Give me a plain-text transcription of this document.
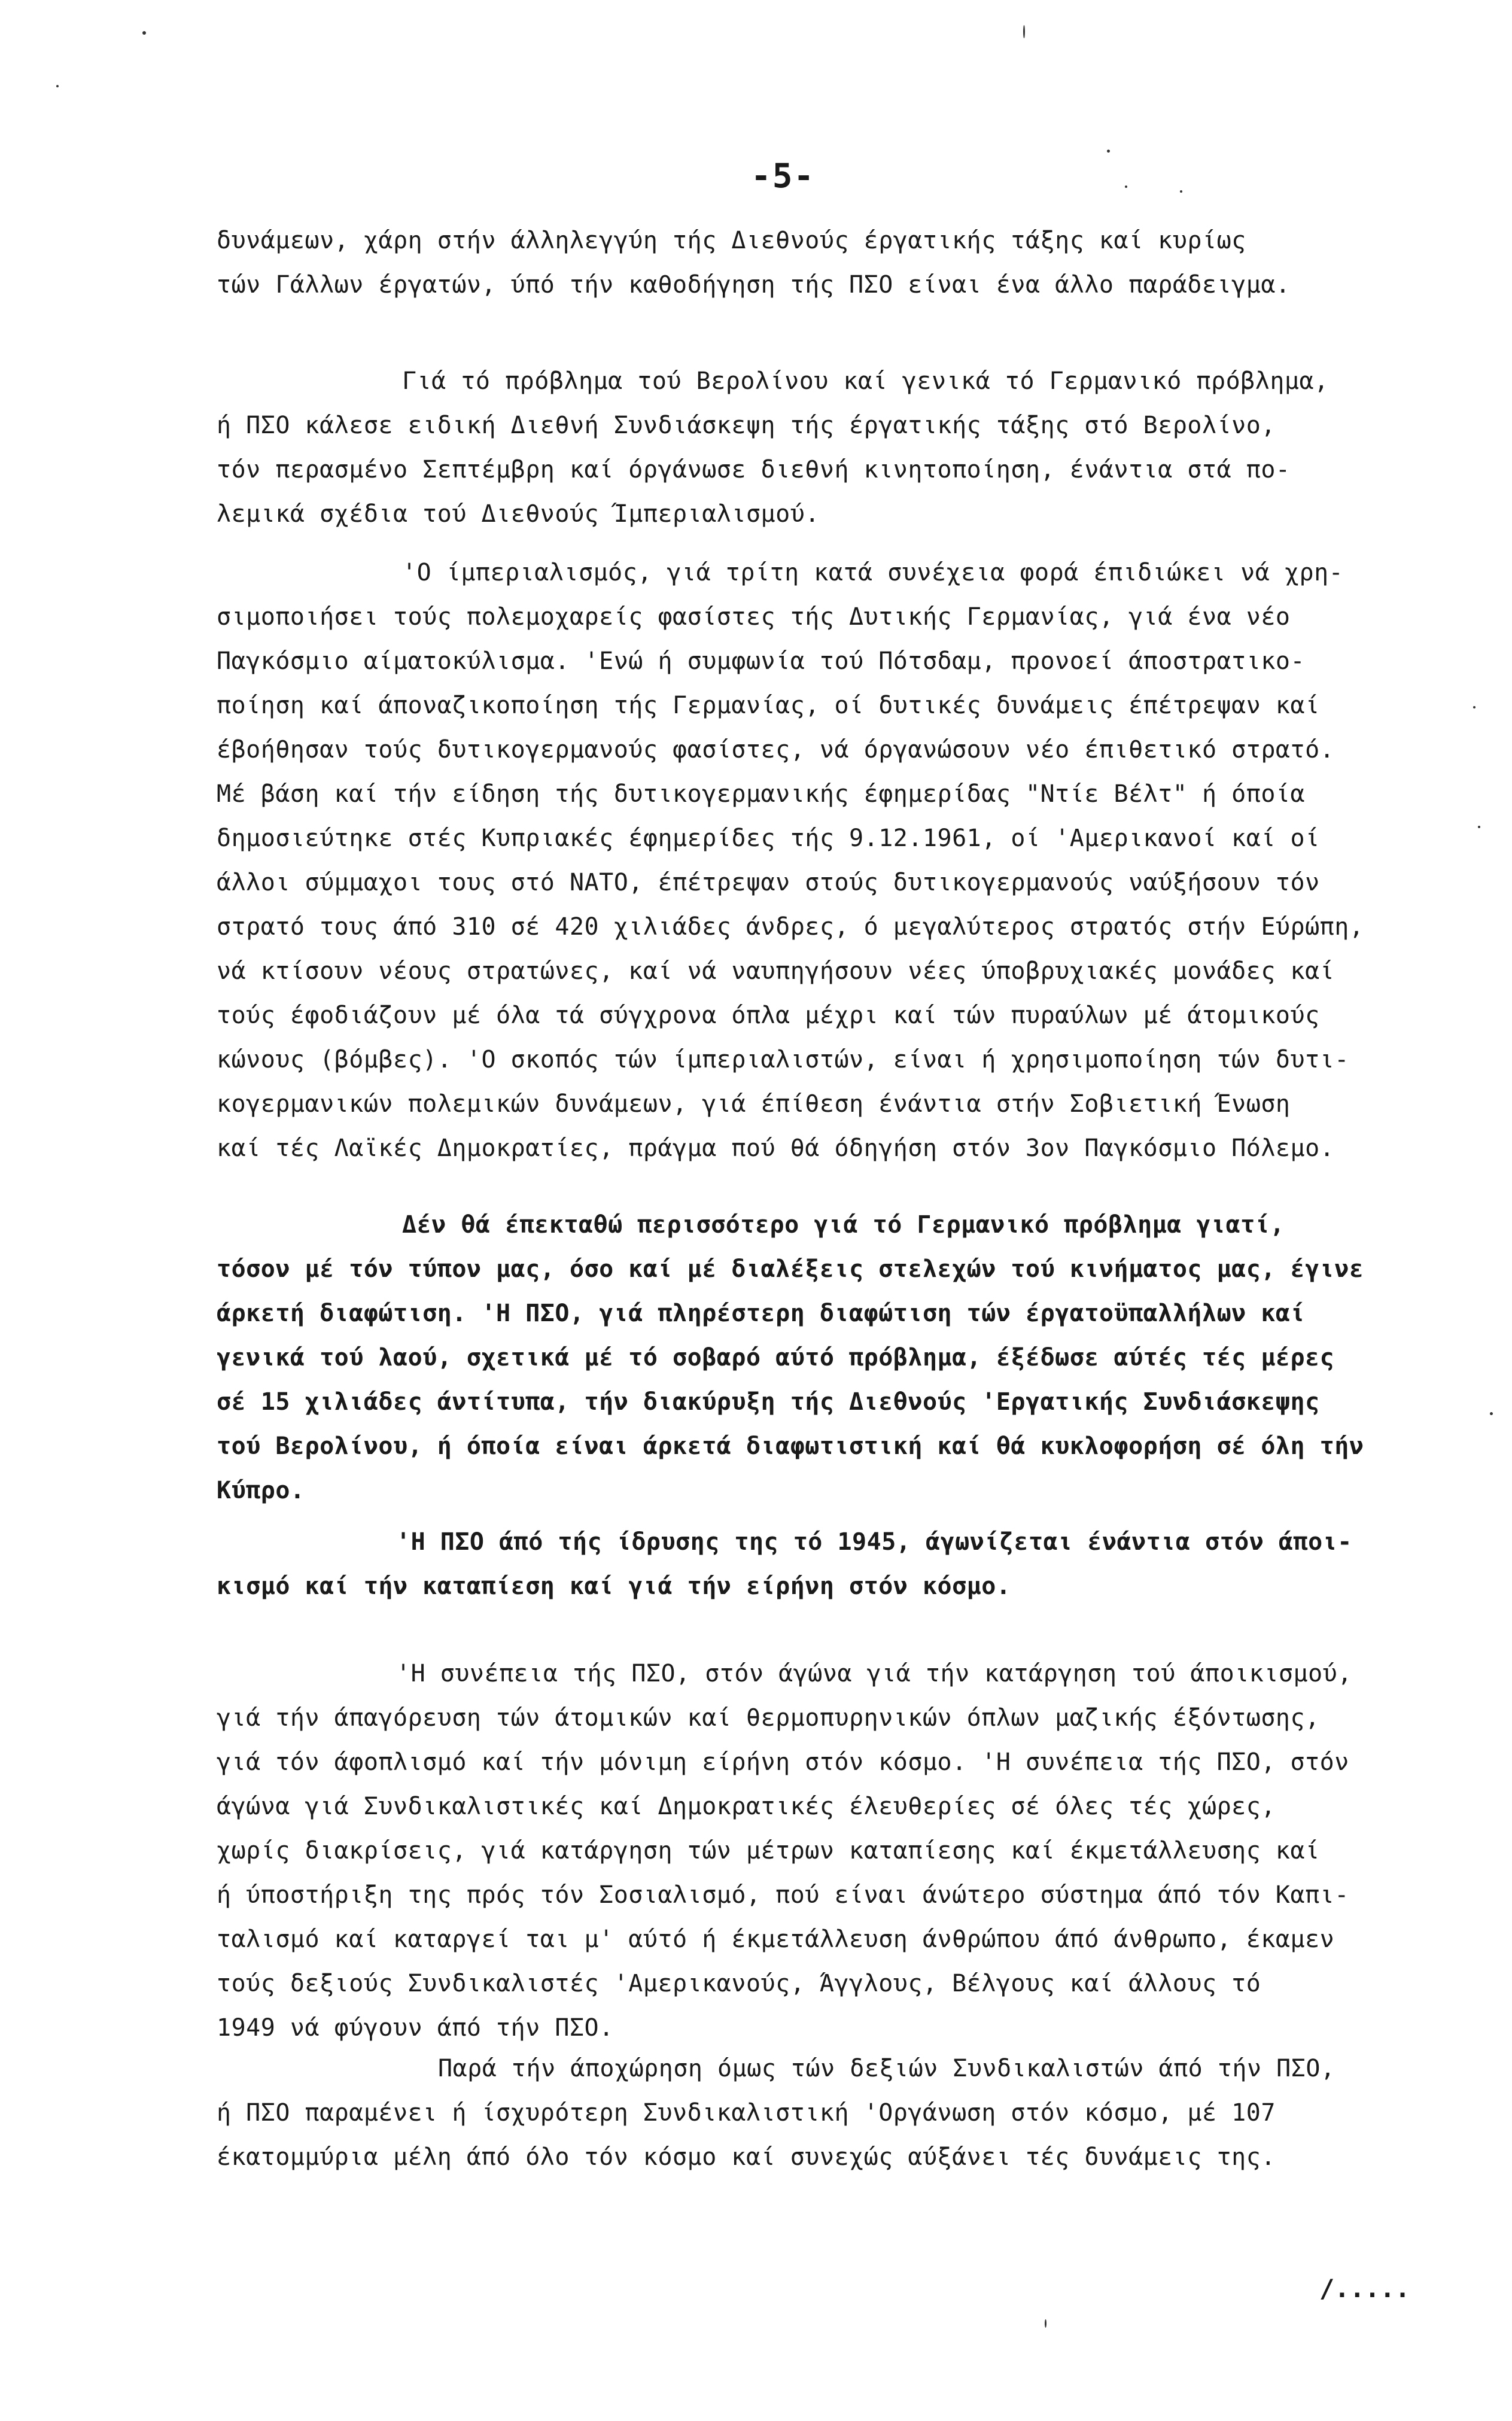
-5-
δυνάμεων, χάρη στήν άλληλεγγύη τής Διεθνούς έργατικής τάξης καί κυρίως
τών Γάλλων έργατών, ύπό τήν καθοδήγηση τής ΠΣΟ είναι ένα άλλο παράδειγμα.
Γιά τό πρόβλημα τού Βερολίνου καί γενικά τό Γερμανικό πρόβλημα,
ή ΠΣΟ κάλεσε ειδική Διεθνή Συνδιάσκεψη τής έργατικής τάξης στό Βερολίνο,
τόν περασμένο Σεπτέμβρη καί όργάνωσε διεθνή κινητοποίηση, ένάντια στά πο-
λεμικά σχέδια τού Διεθνούς Ίμπεριαλισμού.
'Ο ίμπεριαλισμός, γιά τρίτη κατά συνέχεια φορά έπιδιώκει νά χρη-
σιμοποιήσει τούς πολεμοχαρείς φασίστες τής Δυτικής Γερμανίας, γιά ένα νέο
Παγκόσμιο αίματοκύλισμα. 'Ενώ ή συμφωνία τού Πότσδαμ, προνοεί άποστρατικο-
ποίηση καί άποναζικοποίηση τής Γερμανίας, οί δυτικές δυνάμεις έπέτρεψαν καί
έβοήθησαν τούς δυτικογερμανούς φασίστες, νά όργανώσουν νέο έπιθετικό στρατό.
Μέ βάση καί τήν είδηση τής δυτικογερμανικής έφημερίδας "Ντίε Βέλτ" ή όποία
δημοσιεύτηκε στές Κυπριακές έφημερίδες τής 9.12.1961, οί 'Αμερικανοί καί οί
άλλοι σύμμαχοι τους στό ΝΑΤΟ, έπέτρεψαν στούς δυτικογερμανούς ναύξήσουν τόν
στρατό τους άπό 310 σέ 420 χιλιάδες άνδρες, ό μεγαλύτερος στρατός στήν Εύρώπη,
νά κτίσουν νέους στρατώνες, καί νά ναυπηγήσουν νέες ύποβρυχιακές μονάδες καί
τούς έφοδιάζουν μέ όλα τά σύγχρονα όπλα μέχρι καί τών πυραύλων μέ άτομικούς
κώνους (βόμβες). 'Ο σκοπός τών ίμπεριαλιστών, είναι ή χρησιμοποίηση τών δυτι-
κογερμανικών πολεμικών δυνάμεων, γιά έπίθεση ένάντια στήν Σοβιετική Ένωση
καί τές Λαϊκές Δημοκρατίες, πράγμα πού θά όδηγήση στόν 3ον Παγκόσμιο Πόλεμο.
Δέν θά έπεκταθώ περισσότερο γιά τό Γερμανικό πρόβλημα γιατί,
τόσον μέ τόν τύπον μας, όσο καί μέ διαλέξεις στελεχών τού κινήματος μας, έγινε
άρκετή διαφώτιση. 'Η ΠΣΟ, γιά πληρέστερη διαφώτιση τών έργατοϋπαλλήλων καί
γενικά τού λαού, σχετικά μέ τό σοβαρό αύτό πρόβλημα, έξέδωσε αύτές τές μέρες
σέ 15 χιλιάδες άντίτυπα, τήν διακύρυξη τής Διεθνούς 'Εργατικής Συνδιάσκεψης
τού Βερολίνου, ή όποία είναι άρκετά διαφωτιστική καί θά κυκλοφορήση σέ όλη τήν
Κύπρο.
'Η ΠΣΟ άπό τής ίδρυσης της τό 1945, άγωνίζεται ένάντια στόν άποι-
κισμό καί τήν καταπίεση καί γιά τήν είρήνη στόν κόσμο.
'Η συνέπεια τής ΠΣΟ, στόν άγώνα γιά τήν κατάργηση τού άποικισμού,
γιά τήν άπαγόρευση τών άτομικών καί θερμοπυρηνικών όπλων μαζικής έξόντωσης,
γιά τόν άφοπλισμό καί τήν μόνιμη είρήνη στόν κόσμο. 'Η συνέπεια τής ΠΣΟ, στόν
άγώνα γιά Συνδικαλιστικές καί Δημοκρατικές έλευθερίες σέ όλες τές χώρες,
χωρίς διακρίσεις, γιά κατάργηση τών μέτρων καταπίεσης καί έκμετάλλευσης καί
ή ύποστήριξη της πρός τόν Σοσιαλισμό, πού είναι άνώτερο σύστημα άπό τόν Καπι-
ταλισμό καί καταργεί ται μ' αύτό ή έκμετάλλευση άνθρώπου άπό άνθρωπο, έκαμεν
τούς δεξιούς Συνδικαλιστές 'Αμερικανούς, Άγγλους, Βέλγους καί άλλους τό
1949 νά φύγουν άπό τήν ΠΣΟ.
Παρά τήν άποχώρηση όμως τών δεξιών Συνδικαλιστών άπό τήν ΠΣΟ,
ή ΠΣΟ παραμένει ή ίσχυρότερη Συνδικαλιστική 'Οργάνωση στόν κόσμο, μέ 107
έκατομμύρια μέλη άπό όλο τόν κόσμο καί συνεχώς αύξάνει τές δυνάμεις της.
/.....
